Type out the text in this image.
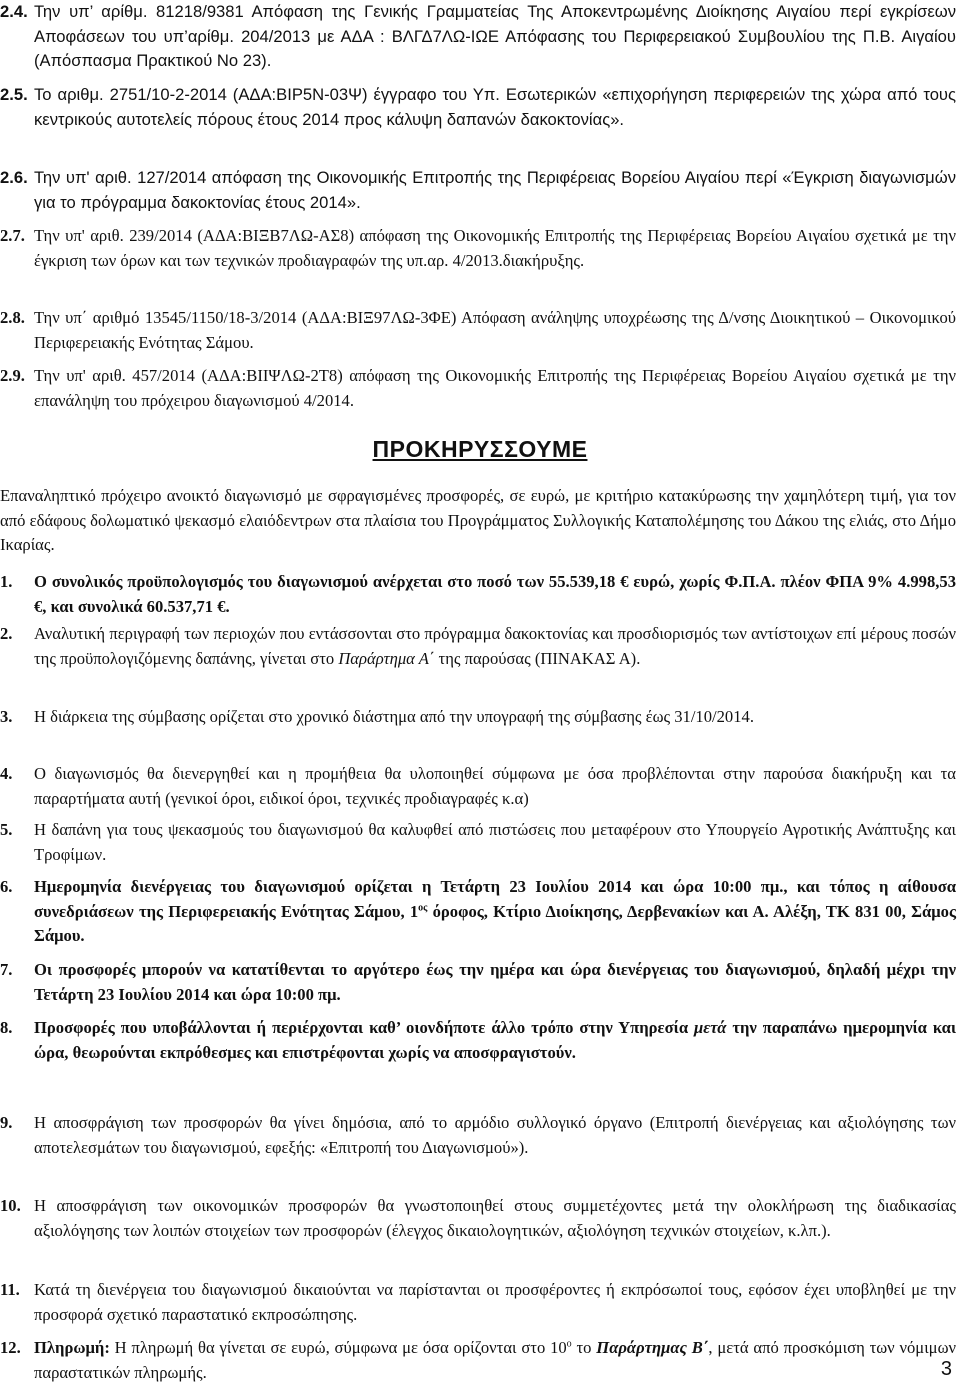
2.4. Την υπ’ αρίθμ. 81218/9381 Απόφαση της Γενικής Γραμματείας Της Αποκεντρωμένης Διοίκησης Αιγαίου περί εγκρίσεων Αποφάσεων του υπ’αρίθμ. 204/2013 με ΑΔΑ : ΒΛΓΔ7ΛΩ-ΙΩΕ Απόφασης του Περιφερειακού Συμβουλίου της Π.Β. Αιγαίου (Απόσπασμα Πρακτικού Νο 23).
2.5. Το αριθμ. 2751/10-2-2014 (ΑΔΑ:ΒΙΡ5Ν-03Ψ) έγγραφο του Υπ. Εσωτερικών «επιχορήγηση περιφερειών της χώρα από τους κεντρικούς αυτοτελείς πόρους έτους 2014 προς κάλυψη δαπανών δακοκτονίας».
2.6. Την υπ' αριθ. 127/2014 απόφαση της Οικονομικής Επιτροπής της Περιφέρειας Βορείου Αιγαίου περί «Έγκριση διαγωνισμών για το πρόγραμμα δακοκτονίας έτους 2014».
2.7. Την υπ' αριθ. 239/2014 (ΑΔΑ:ΒΙΞΒ7ΛΩ-ΑΣ8) απόφαση της Οικονομικής Επιτροπής της Περιφέρειας Βορείου Αιγαίου σχετικά με την έγκριση των όρων και των τεχνικών προδιαγραφών της υπ.αρ. 4/2013.διακήρυξης.
2.8. Την υπ΄ αριθμό 13545/1150/18-3/2014 (ΑΔΑ:ΒΙΞ97ΛΩ-3ΦΕ) Απόφαση ανάληψης υποχρέωσης της Δ/νσης Διοικητικού – Οικονομικού Περιφερειακής Ενότητας Σάμου.
2.9. Την υπ' αριθ. 457/2014 (ΑΔΑ:ΒΙΙΨΛΩ-2Τ8) απόφαση της Οικονομικής Επιτροπής της Περιφέρειας Βορείου Αιγαίου σχετικά με την επανάληψη του πρόχειρου διαγωνισμού 4/2014.
ΠΡΟΚΗΡΥΣΣΟΥΜΕ
Επαναληπτικό πρόχειρο ανοικτό διαγωνισμό με σφραγισμένες προσφορές, σε ευρώ, με κριτήριο κατακύρωσης την χαμηλότερη τιμή, για τον από εδάφους δολωματικό ψεκασμό ελαιόδεντρων στα πλαίσια του Προγράμματος Συλλογικής Καταπολέμησης του Δάκου της ελιάς, στο Δήμο Ικαρίας.
1.	Ο συνολικός προϋπολογισμός του διαγωνισμού ανέρχεται στο ποσό των 55.539,18 € ευρώ, χωρίς Φ.Π.Α. πλέον ΦΠΑ 9% 4.998,53 €, και συνολικά 60.537,71 €.
2.	Αναλυτική περιγραφή των περιοχών που εντάσσονται στο πρόγραμμα δακοκτονίας και προσδιορισμός των αντίστοιχων επί μέρους ποσών της προϋπολογιζόμενης δαπάνης, γίνεται στο Παράρτημα Α΄ της παρούσας (ΠΙΝΑΚΑΣ Α).
3.	Η διάρκεια της σύμβασης ορίζεται στο χρονικό διάστημα από την υπογραφή της σύμβασης έως 31/10/2014.
4.	Ο διαγωνισμός θα διενεργηθεί και η προμήθεια θα υλοποιηθεί σύμφωνα με όσα προβλέπονται στην παρούσα διακήρυξη και τα παραρτήματα αυτή (γενικοί όροι, ειδικοί όροι, τεχνικές προδιαγραφές κ.α)
5.	Η δαπάνη για τους ψεκασμούς του διαγωνισμού θα καλυφθεί από πιστώσεις που μεταφέρουν στο Υπουργείο Αγροτικής Ανάπτυξης και Τροφίμων.
6.	Ημερομηνία διενέργειας του διαγωνισμού ορίζεται η Τετάρτη 23 Ιουλίου 2014 και ώρα 10:00 πμ., και τόπος η αίθουσα συνεδριάσεων της Περιφερειακής Ενότητας Σάμου, $1^{o\varsigma}$ όροφος, Κτίριο Διοίκησης, Δερβενακίων και Α. Αλέξη, ΤΚ 831 00, Σάμος Σάμου.
7.	Οι προσφορές μπορούν να κατατίθενται το αργότερο έως την ημέρα και ώρα διενέργειας του διαγωνισμού, δηλαδή μέχρι την Τετάρτη 23 Ιουλίου 2014 και ώρα 10:00 πμ.
8.	Προσφορές που υποβάλλονται ή περιέρχονται καθ’ οιονδήποτε άλλο τρόπο στην Υπηρεσία μετά την παραπάνω ημερομηνία και ώρα, θεωρούνται εκπρόθεσμες και επιστρέφονται χωρίς να αποσφραγιστούν.
9.	Η αποσφράγιση των προσφορών θα γίνει δημόσια, από το αρμόδιο συλλογικό όργανο (Επιτροπή διενέργειας και αξιολόγησης των αποτελεσμάτων του διαγωνισμού, εφεξής: «Επιτροπή του Διαγωνισμού»).
10. Η αποσφράγιση των οικονομικών προσφορών θα γνωστοποιηθεί στους συμμετέχοντες μετά την ολοκλήρωση της διαδικασίας αξιολόγησης των λοιπών στοιχείων των προσφορών (έλεγχος δικαιολογητικών, αξιολόγηση τεχνικών στοιχείων, κ.λπ.).
11. Κατά τη διενέργεια του διαγωνισμού δικαιούνται να παρίστανται οι προσφέροντες ή εκπρόσωποί τους, εφόσον έχει υποβληθεί με την προσφορά σχετικό παραστατικό εκπροσώπησης.
12. Πληρωμή: Η πληρωμή θα γίνεται σε ευρώ, σύμφωνα με όσα ορίζονται στο $10^o$ το Παράρτημας Β΄, μετά από προσκόμιση των νόμιμων παραστατικών πληρωμής.	3
